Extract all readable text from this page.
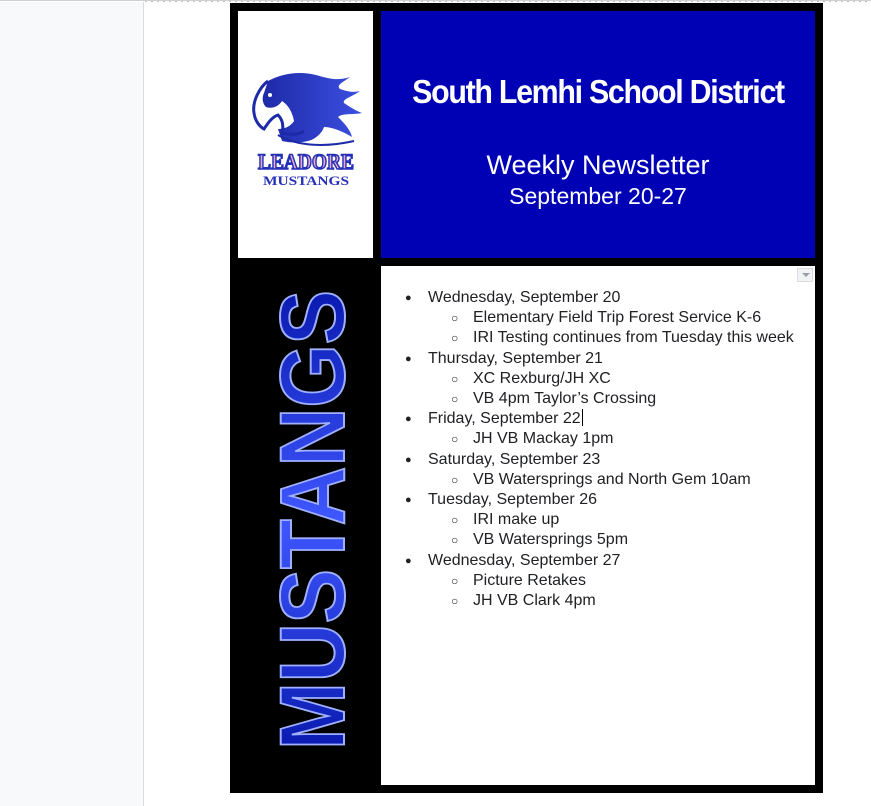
LEADORE
MUSTANGS
South Lemhi School District
Weekly Newsletter
September 20-27
MUSTANGS
●	Wednesday, September 20
○ Elementary Field Trip Forest Service K-6
○ IRI Testing continues from Tuesday this week
● Thursday, September 21
○ XC Rexburg/JH XC
○ VB 4pm Taylor’s Crossing
● Friday, September 22
○ JH VB Mackay 1pm
● Saturday, September 23
○ VB Watersprings and North Gem 10am
● Tuesday, September 26
○ IRI make up
○ VB Watersprings 5pm
● Wednesday, September 27
○ Picture Retakes
○ JH VB Clark 4pm
